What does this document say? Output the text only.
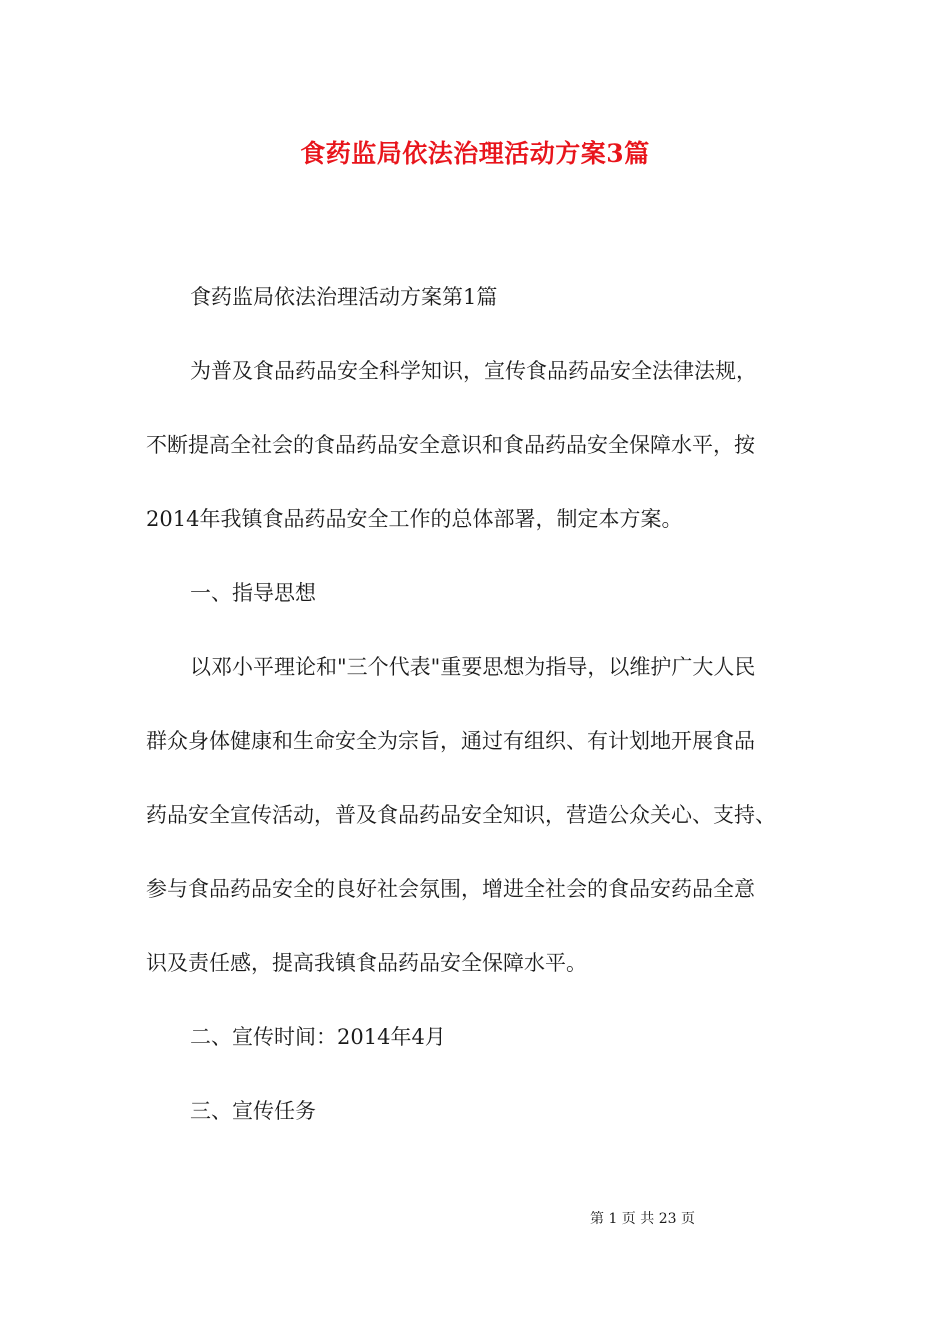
食药监局依法治理活动方案3篇
食药监局依法治理活动方案第1篇
为普及食品药品安全科学知识，宣传食品药品安全法律法规，
不断提高全社会的食品药品安全意识和食品药品安全保障水平，按
2014年我镇食品药品安全工作的总体部署，制定本方案。
一、指导思想
以邓小平理论和"三个代表"重要思想为指导，以维护广大人民
群众身体健康和生命安全为宗旨，通过有组织、有计划地开展食品
药品安全宣传活动，普及食品药品安全知识，营造公众关心、支持、
参与食品药品安全的良好社会氛围，增进全社会的食品安药品全意
识及责任感，提高我镇食品药品安全保障水平。
二、宣传时间：2014年4月
三、宣传任务
第 1 页 共 23 页
